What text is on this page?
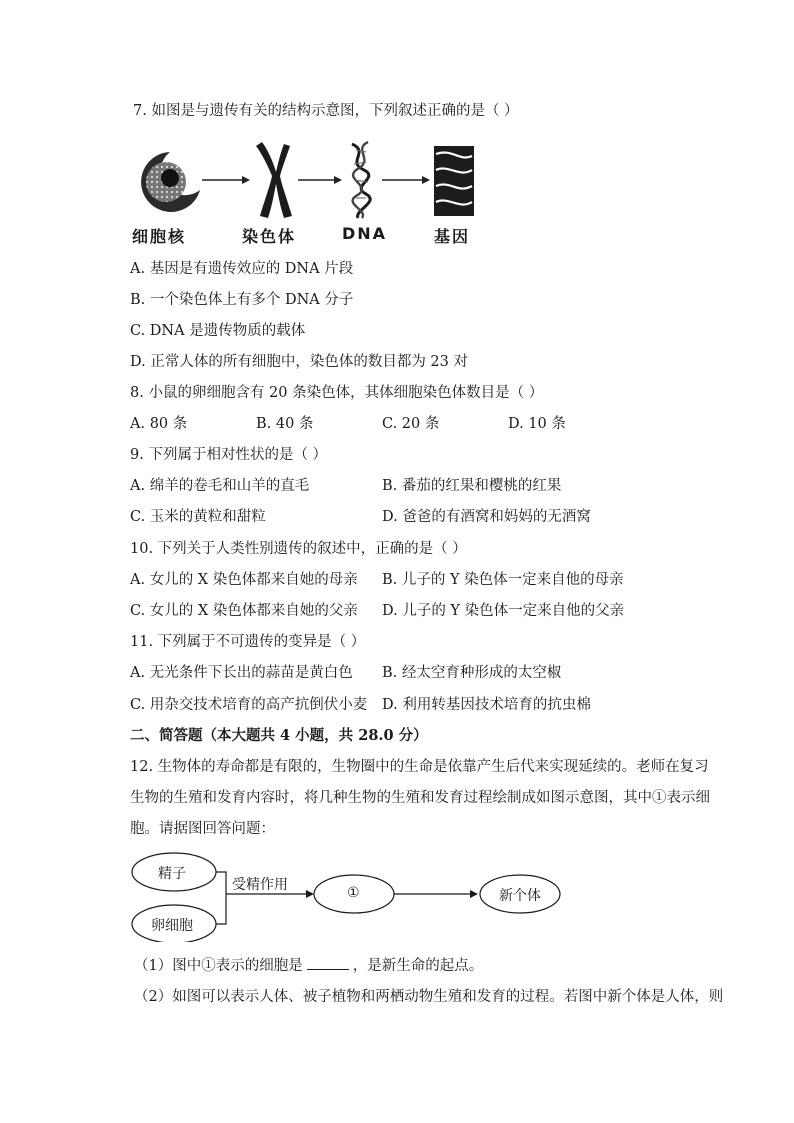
7. 如图是与遗传有关的结构示意图，下列叙述正确的是（ ）
细胞核	染色体	DNA	基因
A. 基因是有遗传效应的 DNA 片段
B. 一个染色体上有多个 DNA 分子
C. DNA 是遗传物质的载体
D. 正常人体的所有细胞中，染色体的数目都为 23 对
8. 小鼠的卵细胞含有 20 条染色体，其体细胞染色体数目是（ ）
A. 80 条	B. 40 条	C. 20 条	D. 10 条
9. 下列属于相对性状的是（ ）
A. 绵羊的卷毛和山羊的直毛	B. 番茄的红果和樱桃的红果
C. 玉米的黄粒和甜粒	D. 爸爸的有酒窝和妈妈的无酒窝
10. 下列关于人类性别遗传的叙述中，正确的是（ ）
A. 女儿的 X 染色体都来自她的母亲 B. 儿子的 Y 染色体一定来自他的母亲
C. 女儿的 X 染色体都来自她的父亲 D. 儿子的 Y 染色体一定来自他的父亲
11. 下列属于不可遗传的变异是（ ）
A. 无光条件下长出的蒜苗是黄白色 B. 经太空育种形成的太空椒
C. 用杂交技术培育的高产抗倒伏小麦 D. 利用转基因技术培育的抗虫棉
二、简答题（本大题共 4 小题，共 28.0 分）
12. 生物体的寿命都是有限的，生物圈中的生命是依靠产生后代来实现延续的。老师在复习
生物的生殖和发育内容时，将几种生物的生殖和发育过程绘制成如图示意图，其中①表示细
胞。请据图回答问题：
精子
卵细胞
受精作用	①	新个体
（1）图中①表示的细胞是	，是新生命的起点。
（2）如图可以表示人体、被子植物和两栖动物生殖和发育的过程。若图中新个体是人体，则
